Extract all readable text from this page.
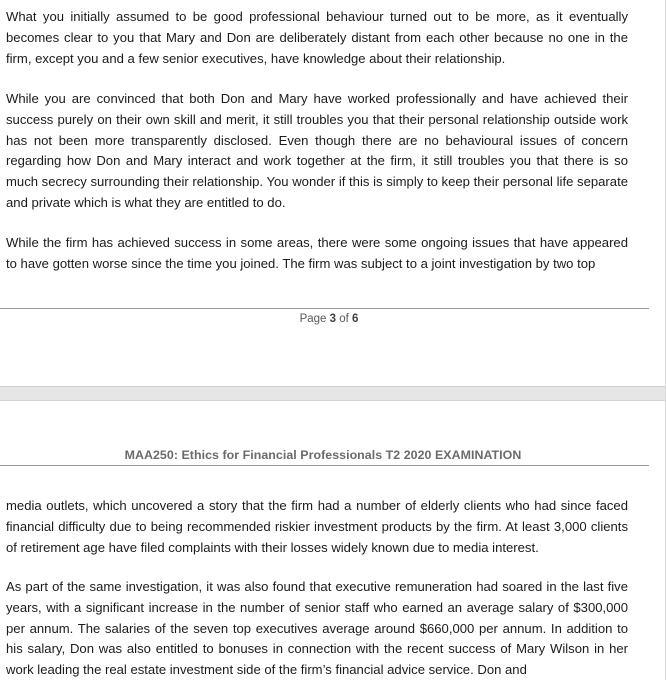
What you initially assumed to be good professional behaviour turned out to be more, as it eventually becomes clear to you that Mary and Don are deliberately distant from each other because no one in the firm, except you and a few senior executives, have knowledge about their relationship.

While you are convinced that both Don and Mary have worked professionally and have achieved their success purely on their own skill and merit, it still troubles you that their personal relationship outside work has not been more transparently disclosed. Even though there are no behavioural issues of concern regarding how Don and Mary interact and work together at the firm, it still troubles you that there is so much secrecy surrounding their relationship. You wonder if this is simply to keep their personal life separate and private which is what they are entitled to do.

While the firm has achieved success in some areas, there were some ongoing issues that have appeared to have gotten worse since the time you joined. The firm was subject to a joint investigation by two top

Page 3 of 6
MAA250: Ethics for Financial Professionals T2 2020 EXAMINATION

media outlets, which uncovered a story that the firm had a number of elderly clients who had since faced financial difficulty due to being recommended riskier investment products by the firm. At least 3,000 clients of retirement age have filed complaints with their losses widely known due to media interest.

As part of the same investigation, it was also found that executive remuneration had soared in the last five years, with a significant increase in the number of senior staff who earned an average salary of $300,000 per annum. The salaries of the seven top executives average around $660,000 per annum. In addition to his salary, Don was also entitled to bonuses in connection with the recent success of Mary Wilson in her work leading the real estate investment side of the firm’s financial advice service. Don and
